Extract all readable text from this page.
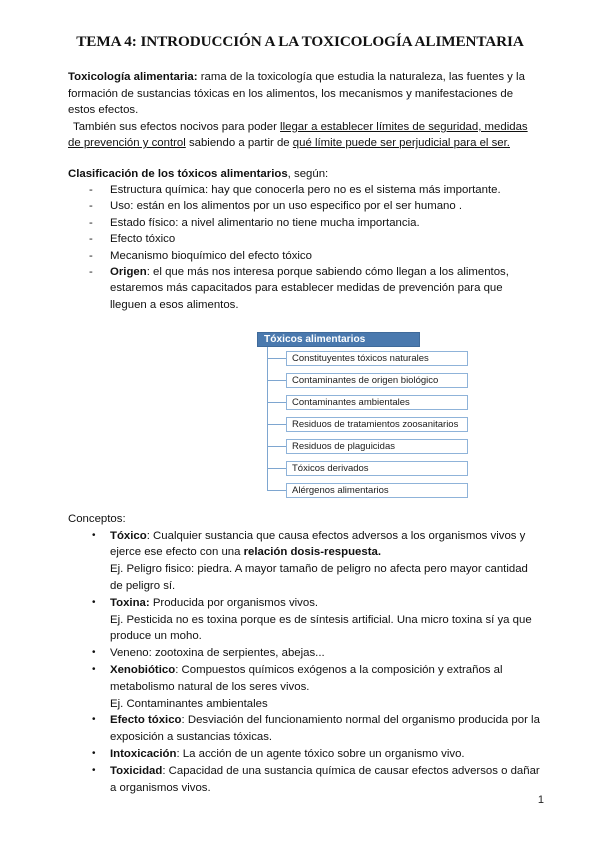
TEMA 4: INTRODUCCIÓN A LA TOXICOLOGÍA ALIMENTARIA

Toxicología alimentaria: rama de la toxicología que estudia la naturaleza, las fuentes y la formación de sustancias tóxicas en los alimentos, los mecanismos y manifestaciones de estos efectos.

También sus efectos nocivos para poder llegar a establecer límites de seguridad, medidas de prevención y control sabiendo a partir de qué límite puede ser perjudicial para el ser.

Clasificación de los tóxicos alimentarios, según:

- Estructura química: hay que conocerla pero no es el sistema más importante.
- Uso: están en los alimentos por un uso especifico por el ser humano .
- Estado físico: a nivel alimentario no tiene mucha importancia.
- Efecto tóxico
- Mecanismo bioquímico del efecto tóxico
- Origen: el que más nos interesa porque sabiendo cómo llegan a los alimentos, estaremos más capacitados para establecer medidas de prevención para que lleguen a esos alimentos.
Tóxicos alimentarios
Constituyentes tóxicos naturales
Contaminantes de origen biológico
Contaminantes ambientales
Residuos de tratamientos zoosanitarios
Residuos de plaguicidas
Tóxicos derivados
Alérgenos alimentarios

Conceptos:

• Tóxico: Cualquier sustancia que causa efectos adversos a los organismos vivos y ejerce ese efecto con una relación dosis-respuesta.
Ej. Peligro fisico: piedra. A mayor tamaño de peligro no afecta pero mayor cantidad de peligro sí.
• Toxina: Producida por organismos vivos.
Ej. Pesticida no es toxina porque es de síntesis artificial. Una micro toxina sí ya que produce un moho.
• Veneno: zootoxina de serpientes, abejas...
• Xenobiótico: Compuestos químicos exógenos a la composición y extraños al metabolismo natural de los seres vivos.
Ej. Contaminantes ambientales
• Efecto tóxico: Desviación del funcionamiento normal del organismo producida por la exposición a sustancias tóxicas.
• Intoxicación: La acción de un agente tóxico sobre un organismo vivo.
• Toxicidad: Capacidad de una sustancia química de causar efectos adversos o dañar a organismos vivos.
1
